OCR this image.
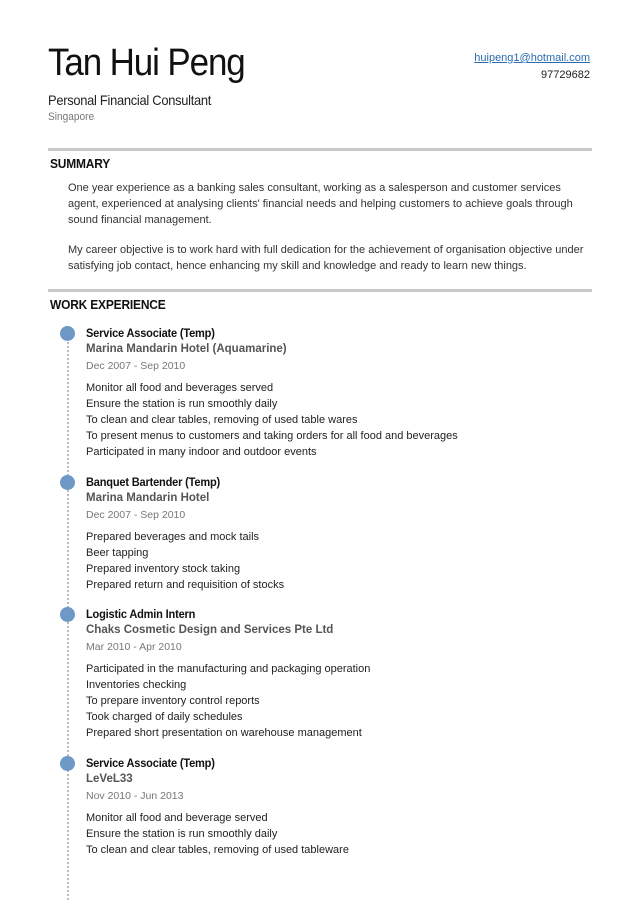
Tan Hui Peng
Personal Financial Consultant
Singapore
huipeng1@hotmail.com
97729682
SUMMARY

One year experience as a banking sales consultant, working as a salesperson and customer services agent, experienced at analysing clients' financial needs and helping customers to achieve goals through sound financial management.

My career objective is to work hard with full dedication for the achievement of organisation objective under satisfying job contact, hence enhancing my skill and knowledge and ready to learn new things.

WORK EXPERIENCE
Service Associate (Temp)
Marina Mandarin Hotel (Aquamarine)
Dec 2007 - Sep 2010
Monitor all food and beverages served
Ensure the station is run smoothly daily
To clean and clear tables, removing of used table wares
To present menus to customers and taking orders for all food and beverages
Participated in many indoor and outdoor events
Banquet Bartender (Temp)
Marina Mandarin Hotel
Dec 2007 - Sep 2010
Prepared beverages and mock tails
Beer tapping
Prepared inventory stock taking
Prepared return and requisition of stocks
Logistic Admin Intern
Chaks Cosmetic Design and Services Pte Ltd
Mar 2010 - Apr 2010
Participated in the manufacturing and packaging operation
Inventories checking
To prepare inventory control reports
Took charged of daily schedules
Prepared short presentation on warehouse management
Service Associate (Temp)
LeVeL33
Nov 2010 - Jun 2013
Monitor all food and beverage served
Ensure the station is run smoothly daily
To clean and clear tables, removing of used tableware
